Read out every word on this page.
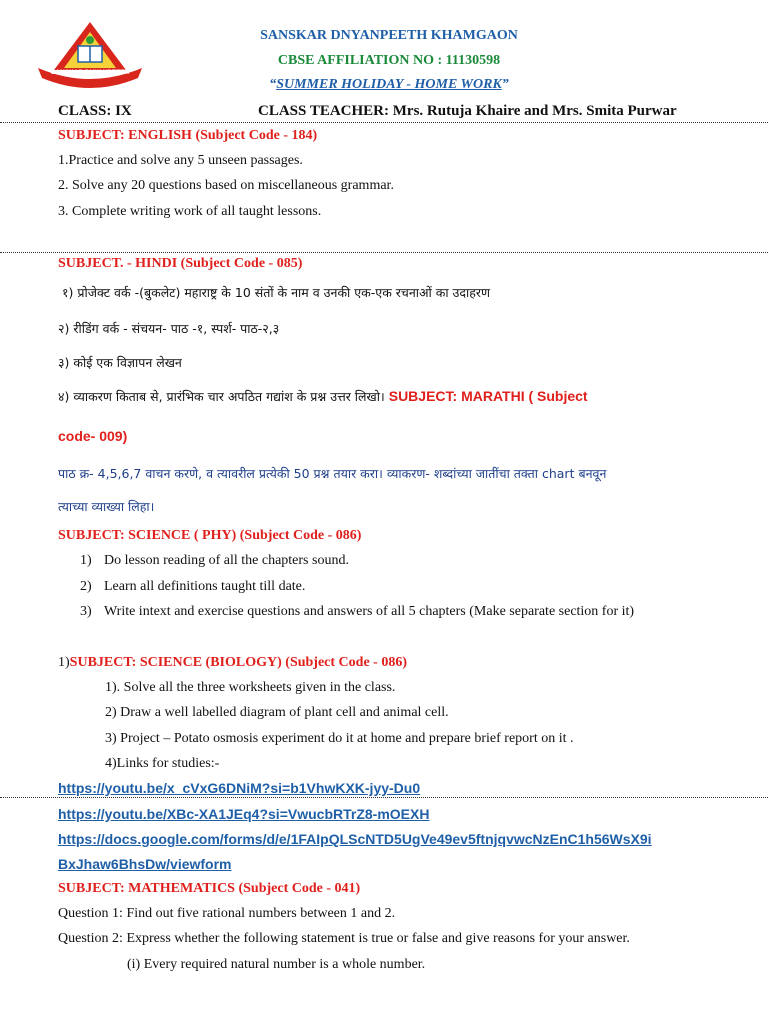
SANSKAR DNYANPEETH
SANSKAR DNYANPEETH KHAMGAON
CBSE AFFILIATION NO : 11130598
“SUMMER HOLIDAY - HOME WORK”
CLASS: IX	CLASS TEACHER: Mrs. Rutuja Khaire and Mrs. Smita Purwar
SUBJECT: ENGLISH (Subject Code - 184)
1.Practice and solve any 5 unseen passages.
2. Solve any 20 questions based on miscellaneous grammar.
3. Complete writing work of all taught lessons.
SUBJECT. - HINDI (Subject Code - 085)
१) प्रोजेक्ट वर्क -(बुकलेट) महाराष्ट्र के 10 संतों के नाम व उनकी एक-एक रचनाओं का उदाहरण
२) रीडिंग वर्क - संचयन- पाठ -१, स्पर्श- पाठ-२,३
३) कोई एक विज्ञापन लेखन
४) व्याकरण किताब से, प्रारंभिक चार अपठित गद्यांश के प्रश्न उत्तर लिखो। SUBJECT: MARATHI ( Subject
code- 009)
पाठ क्र- 4,5,6,7 वाचन करणे, व त्यावरील प्रत्येकी 50 प्रश्न तयार करा। व्याकरण- शब्दांच्या जातींचा तक्ता chart बनवून
त्याच्या व्याख्या लिहा।
SUBJECT: SCIENCE ( PHY) (Subject Code - 086)
1) Do lesson reading of all the chapters sound.
2) Learn all definitions taught till date.
3) Write intext and exercise questions and answers of all 5 chapters (Make separate section for it)
1)SUBJECT: SCIENCE (BIOLOGY) (Subject Code - 086)
1). Solve all the three worksheets given in the class.
2) Draw a well labelled diagram of plant cell and animal cell.
3) Project – Potato osmosis experiment do it at home and prepare brief report on it .
4)Links for studies:-
https://youtu.be/x_cVxG6DNiM?si=b1VhwKXK-jyy-Du0
https://youtu.be/XBc-XA1JEq4?si=VwucbRTrZ8-mOEXH
https://docs.google.com/forms/d/e/1FAIpQLScNTD5UgVe49ev5ftnjqvwcNzEnC1h56WsX9i
BxJhaw6BhsDw/viewform
SUBJECT: MATHEMATICS (Subject Code - 041)
Question 1: Find out five rational numbers between 1 and 2.
Question 2: Express whether the following statement is true or false and give reasons for your answer.
(i) Every required natural number is a whole number.
